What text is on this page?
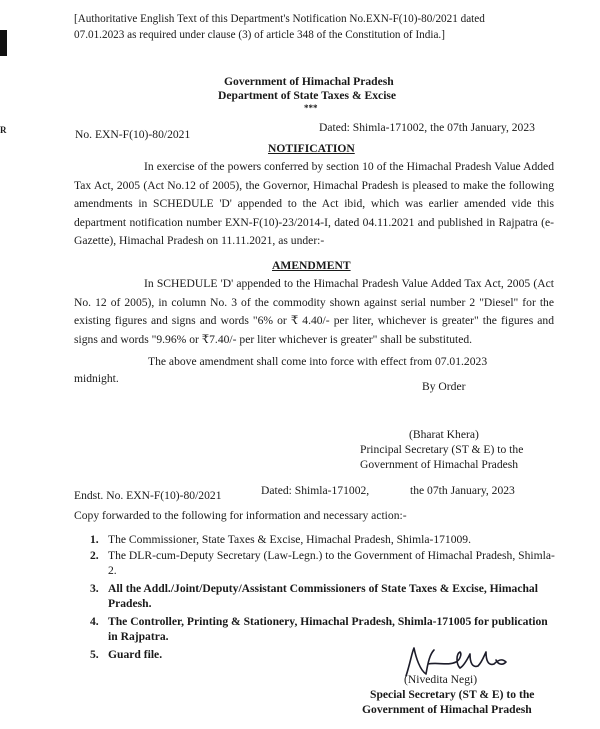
R
[Authoritative English Text of this Department's Notification No.EXN-F(10)-80/2021 dated
07.01.2023 as required under clause (3) of article 348 of the Constitution of India.]
Government of Himachal Pradesh
Department of State Taxes & Excise
***
No. EXN-F(10)-80/2021
Dated: Shimla-171002, the 07th January, 2023
NOTIFICATION
In exercise of the powers conferred by section 10 of the Himachal Pradesh Value Added Tax Act, 2005 (Act No.12 of 2005), the Governor, Himachal Pradesh is pleased to make the following amendments in SCHEDULE 'D' appended to the Act ibid, which was earlier amended vide this department notification number EXN-F(10)-23/2014-I, dated 04.11.2021 and published in Rajpatra (e-Gazette), Himachal Pradesh on 11.11.2021, as under:-
AMENDMENT
In SCHEDULE 'D' appended to the Himachal Pradesh Value Added Tax Act, 2005 (Act No. 12 of 2005), in column No. 3 of the commodity shown against serial number 2 "Diesel" for the existing figures and signs and words "6% or ₹ 4.40/- per liter, whichever is greater" the figures and signs and words "9.96% or ₹7.40/- per liter whichever is greater" shall be substituted.
The above amendment shall come into force with effect from 07.01.2023
midnight.
By Order
(Bharat Khera)
Principal Secretary (ST & E) to the
Government of Himachal Pradesh
Endst. No. EXN-F(10)-80/2021	Dated: Shimla-171002,	the 07th January, 2023
Copy forwarded to the following for information and necessary action:-
1. The Commissioner, State Taxes & Excise, Himachal Pradesh, Shimla-171009.
2. The DLR-cum-Deputy Secretary (Law-Legn.) to the Government of Himachal Pradesh, Shimla-2.
3. All the Addl./Joint/Deputy/Assistant Commissioners of State Taxes & Excise, Himachal Pradesh.
4. The Controller, Printing & Stationery, Himachal Pradesh, Shimla-171005 for publication in Rajpatra.
5. Guard file.
(Nivedita Negi)
Special Secretary (ST & E) to the
Government of Himachal Pradesh
